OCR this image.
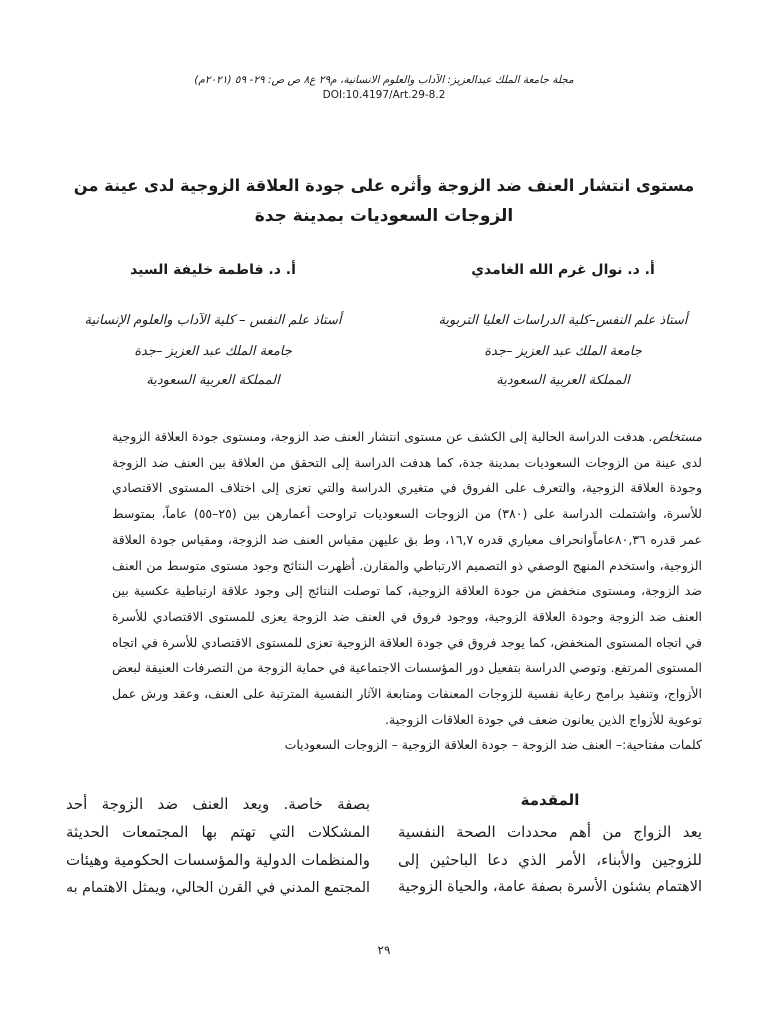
مجلة جامعة الملك عبدالعزيز: الآداب والعلوم الانسانية، م٢٩ ع٨ ص ص: ٢٩- ٥٩ (٢٠٢١م)
DOI:10.4197/Art.29-8.2
مستوى انتشار العنف ضد الزوجة وأثره على جودة العلاقة الزوجية لدى عينة من
الزوجات السعوديات بمدينة جدة
أ. د. نوال غرم الله الغامدي
أستاذ علم النفس–كلية الدراسات العليا التربوية
جامعة الملك عبد العزيز –جدة
المملكة العربية السعودية
أ. د. فاطمة خليفة السيد
أستاذ علم النفس – كلية الآداب والعلوم الإنسانية
جامعة الملك عبد العزيز –جدة
المملكة العربية السعودية
مستخلص. هدفت الدراسة الحالية إلى الكشف عن مستوى انتشار العنف ضد الزوجة، ومستوى جودة العلاقة الزوجية
لدى عينة من الزوجات السعوديات بمدينة جدة، كما هدفت الدراسة إلى التحقق من العلاقة بين العنف ضد الزوجة
وجودة العلاقة الزوجية، والتعرف على الفروق في متغيري الدراسة والتي تعزى إلى اختلاف المستوى الاقتصادي
للأسرة، واشتملت الدراسة على (٣٨٠) من الزوجات السعوديات تراوحت أعمارهن بين (٢٥–٥٥) عاماً، بمتوسط
عمر قدره ٨٠,٣٦عاماًوانحراف معياري قدره ١٦,٧، وط بق عليهن مقياس العنف ضد الزوجة، ومقياس جودة العلاقة
الزوجية، واستخدم المنهج الوصفي ذو التصميم الارتباطي والمقارن. أظهرت النتائج وجود مستوى متوسط من العنف
ضد الزوجة، ومستوى منخفض من جودة العلاقة الزوجية، كما توصلت النتائج إلى وجود علاقة ارتباطية عكسية بين
العنف ضد الزوجة وجودة العلاقة الزوجية، ووجود فروق في العنف ضد الزوجة يعزى للمستوى الاقتصادي للأسرة
في اتجاه المستوى المنخفض، كما يوجد فروق في جودة العلاقة الزوجية تعزى للمستوى الاقتصادي للأسرة في اتجاه
المستوى المرتفع. وتوصي الدراسة بتفعيل دور المؤسسات الاجتماعية في حماية الزوجة من التصرفات العنيفة لبعض
الأزواج، وتنفيذ برامج رعاية نفسية للزوجات المعنفات ومتابعة الآثار النفسية المترتبة على العنف، وعقد ورش عمل
توعوية للأزواج الذين يعانون ضعف في جودة العلاقات الزوجية.
كلمات مفتاحية:– العنف ضد الزوجة – جودة العلاقة الزوجية – الزوجات السعوديات
المقدمة
يعد الزواج من أهم محددات الصحة النفسية
للزوجين والأبناء، الأمر الذي دعا الباحثين إلى
الاهتمام بشئون الأسرة بصفة عامة، والحياة الزوجية
بصفة خاصة. ويعد العنف ضد الزوجة أحد
المشكلات التي تهتم بها المجتمعات الحديثة
والمنظمات الدولية والمؤسسات الحكومية وهيئات
المجتمع المدني في القرن الحالي، ويمثل الاهتمام به
٢٩
